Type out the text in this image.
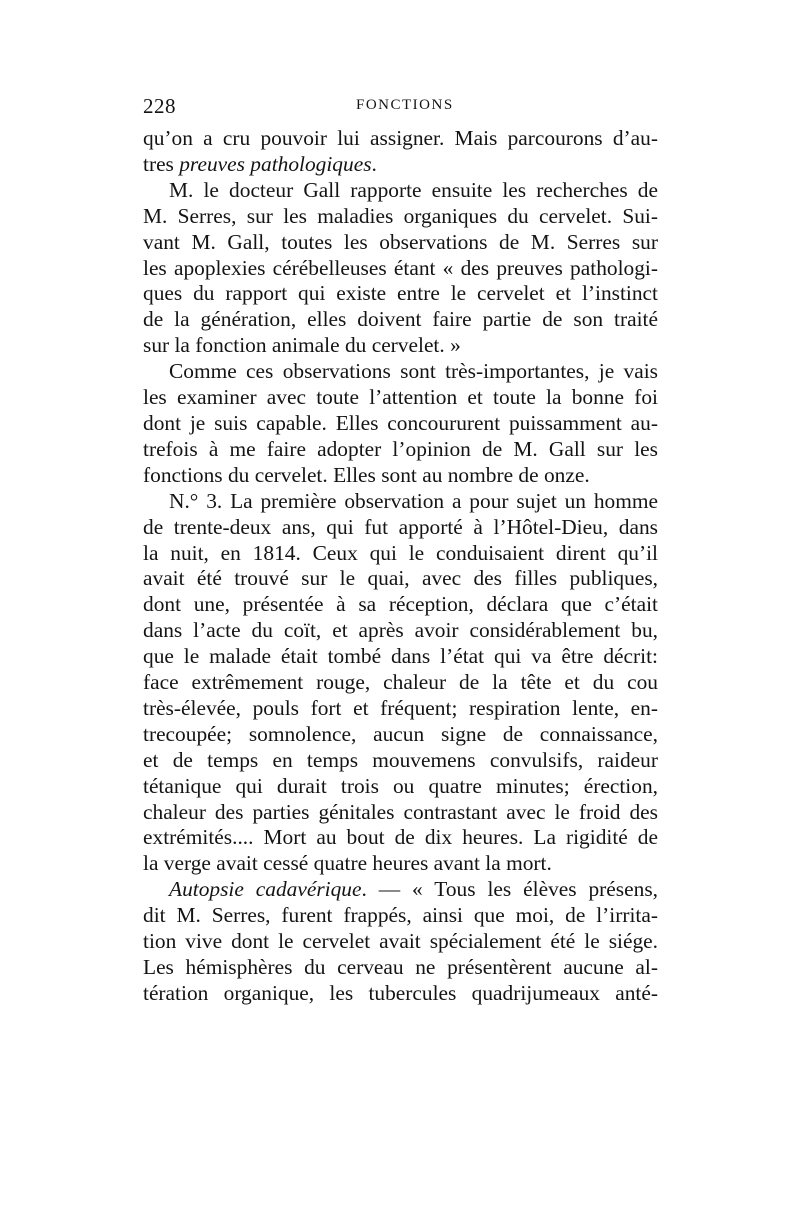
228	FONCTIONS
qu’on a cru pouvoir lui assigner. Mais parcourons d’au-
tres preuves pathologiques.
M. le docteur Gall rapporte ensuite les recherches de
M. Serres, sur les maladies organiques du cervelet. Sui-
vant M. Gall, toutes les observations de M. Serres sur
les apoplexies cérébelleuses étant « des preuves pathologi-
ques du rapport qui existe entre le cervelet et l’instinct
de la génération, elles doivent faire partie de son traité
sur la fonction animale du cervelet. »
Comme ces observations sont très-importantes, je vais
les examiner avec toute l’attention et toute la bonne foi
dont je suis capable. Elles concoururent puissamment au-
trefois à me faire adopter l’opinion de M. Gall sur les
fonctions du cervelet. Elles sont au nombre de onze.
N.° 3. La première observation a pour sujet un homme
de trente-deux ans, qui fut apporté à l’Hôtel-Dieu, dans
la nuit, en 1814. Ceux qui le conduisaient dirent qu’il
avait été trouvé sur le quai, avec des filles publiques,
dont une, présentée à sa réception, déclara que c’était
dans l’acte du coït, et après avoir considérablement bu,
que le malade était tombé dans l’état qui va être décrit:
face extrêmement rouge, chaleur de la tête et du cou
très-élevée, pouls fort et fréquent; respiration lente, en-
trecoupée; somnolence, aucun signe de connaissance,
et de temps en temps mouvemens convulsifs, raideur
tétanique qui durait trois ou quatre minutes; érection,
chaleur des parties génitales contrastant avec le froid des
extrémités.... Mort au bout de dix heures. La rigidité de
la verge avait cessé quatre heures avant la mort.
Autopsie cadavérique. — « Tous les élèves présens,
dit M. Serres, furent frappés, ainsi que moi, de l’irrita-
tion vive dont le cervelet avait spécialement été le siége.
Les hémisphères du cerveau ne présentèrent aucune al-
tération organique, les tubercules quadrijumeaux anté-
